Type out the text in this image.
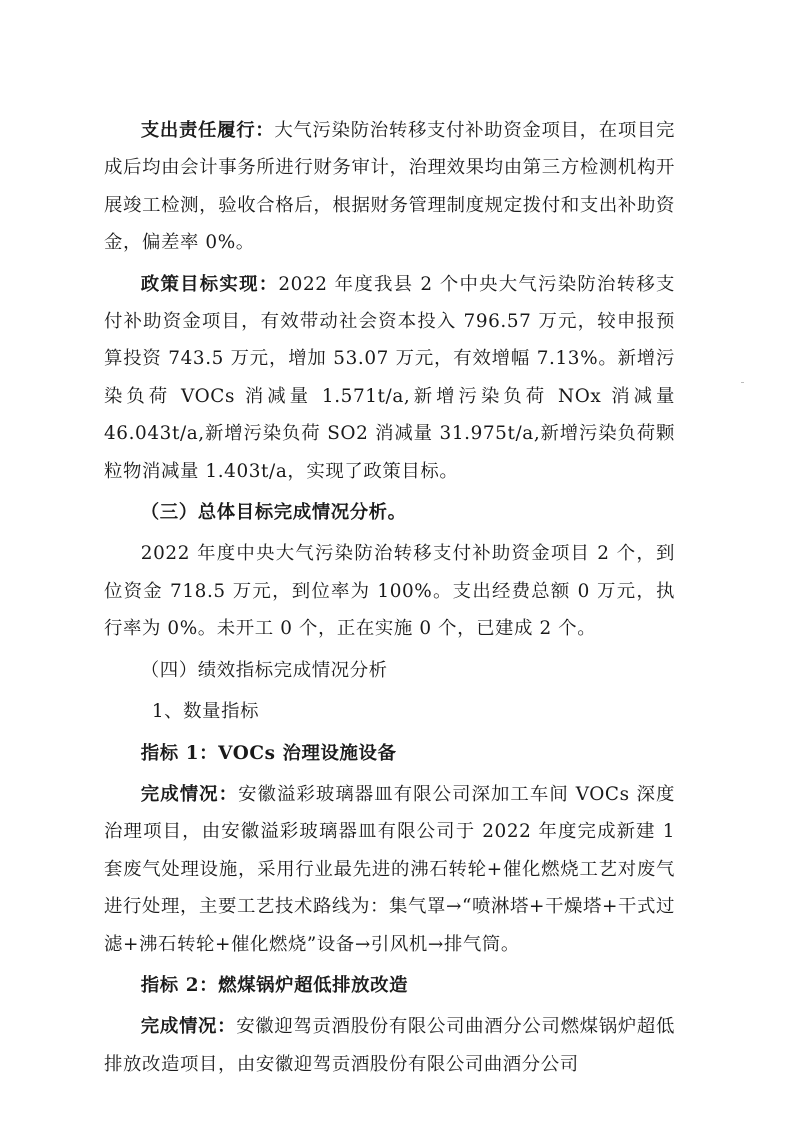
支出责任履行：大气污染防治转移支付补助资金项目，在项目完成后均由会计事务所进行财务审计，治理效果均由第三方检测机构开展竣工检测，验收合格后，根据财务管理制度规定拨付和支出补助资金，偏差率 0%。

政策目标实现：2022 年度我县 2 个中央大气污染防治转移支付补助资金项目，有效带动社会资本投入 796.57 万元，较申报预算投资 743.5 万元，增加 53.07 万元，有效增幅 7.13%。新增污染负荷 VOCs 消减量 1.571t/a,新增污染负荷 NOx 消减量 46.043t/a,新增污染负荷 SO2 消减量 31.975t/a,新增污染负荷颗粒物消减量 1.403t/a，实现了政策目标。

（三）总体目标完成情况分析。

2022 年度中央大气污染防治转移支付补助资金项目 2 个，到位资金 718.5 万元，到位率为 100%。支出经费总额 0 万元，执行率为 0%。未开工 0 个，正在实施 0 个，已建成 2 个。

（四）绩效指标完成情况分析

1、数量指标

指标 1：VOCs 治理设施设备

完成情况：安徽溢彩玻璃器皿有限公司深加工车间 VOCs 深度治理项目，由安徽溢彩玻璃器皿有限公司于 2022 年度完成新建 1 套废气处理设施，采用行业最先进的沸石转轮+催化燃烧工艺对废气进行处理，主要工艺技术路线为：集气罩→“喷淋塔+干燥塔+干式过滤+沸石转轮+催化燃烧”设备→引风机→排气筒。

指标 2：燃煤锅炉超低排放改造

完成情况：安徽迎驾贡酒股份有限公司曲酒分公司燃煤锅炉超低排放改造项目，由安徽迎驾贡酒股份有限公司曲酒分公司
